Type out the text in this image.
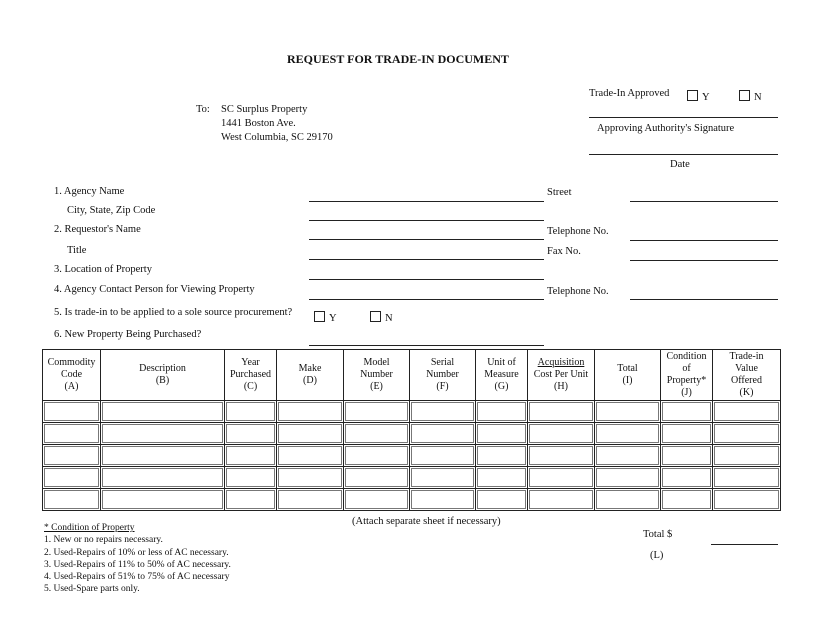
REQUEST FOR TRADE-IN DOCUMENT
To: SC Surplus Property
1441 Boston Ave.
West Columbia, SC 29170
Trade-In Approved	Y	N
Approving Authority's Signature
Date
1. Agency Name
City, State, Zip Code
2. Requestor's Name
Title
3. Location of Property
4. Agency Contact Person for Viewing Property
5. Is trade-in to be applied to a sole source procurement?
6. New Property Being Purchased?
Y	N
Street
Telephone No.
Fax No.
Telephone No.
Commodity
Code
(A)	Description
(B)	Year
Purchased
(C)	Make
(D)	Model
Number
(E)	Serial
Number
(F)	Unit of
Measure
(G)	Acquisition
Cost Per Unit
(H)	Total
(I)	Condition
of
Property*
(J)	Trade-in
Value
Offered
(K)

(Attach separate sheet if necessary)
Total $
(L)
* Condition of Property
1. New or no repairs necessary.
2. Used-Repairs of 10% or less of AC necessary.
3. Used-Repairs of 11% to 50% of AC necessary.
4. Used-Repairs of 51% to 75% of AC necessary
5. Used-Spare parts only.
